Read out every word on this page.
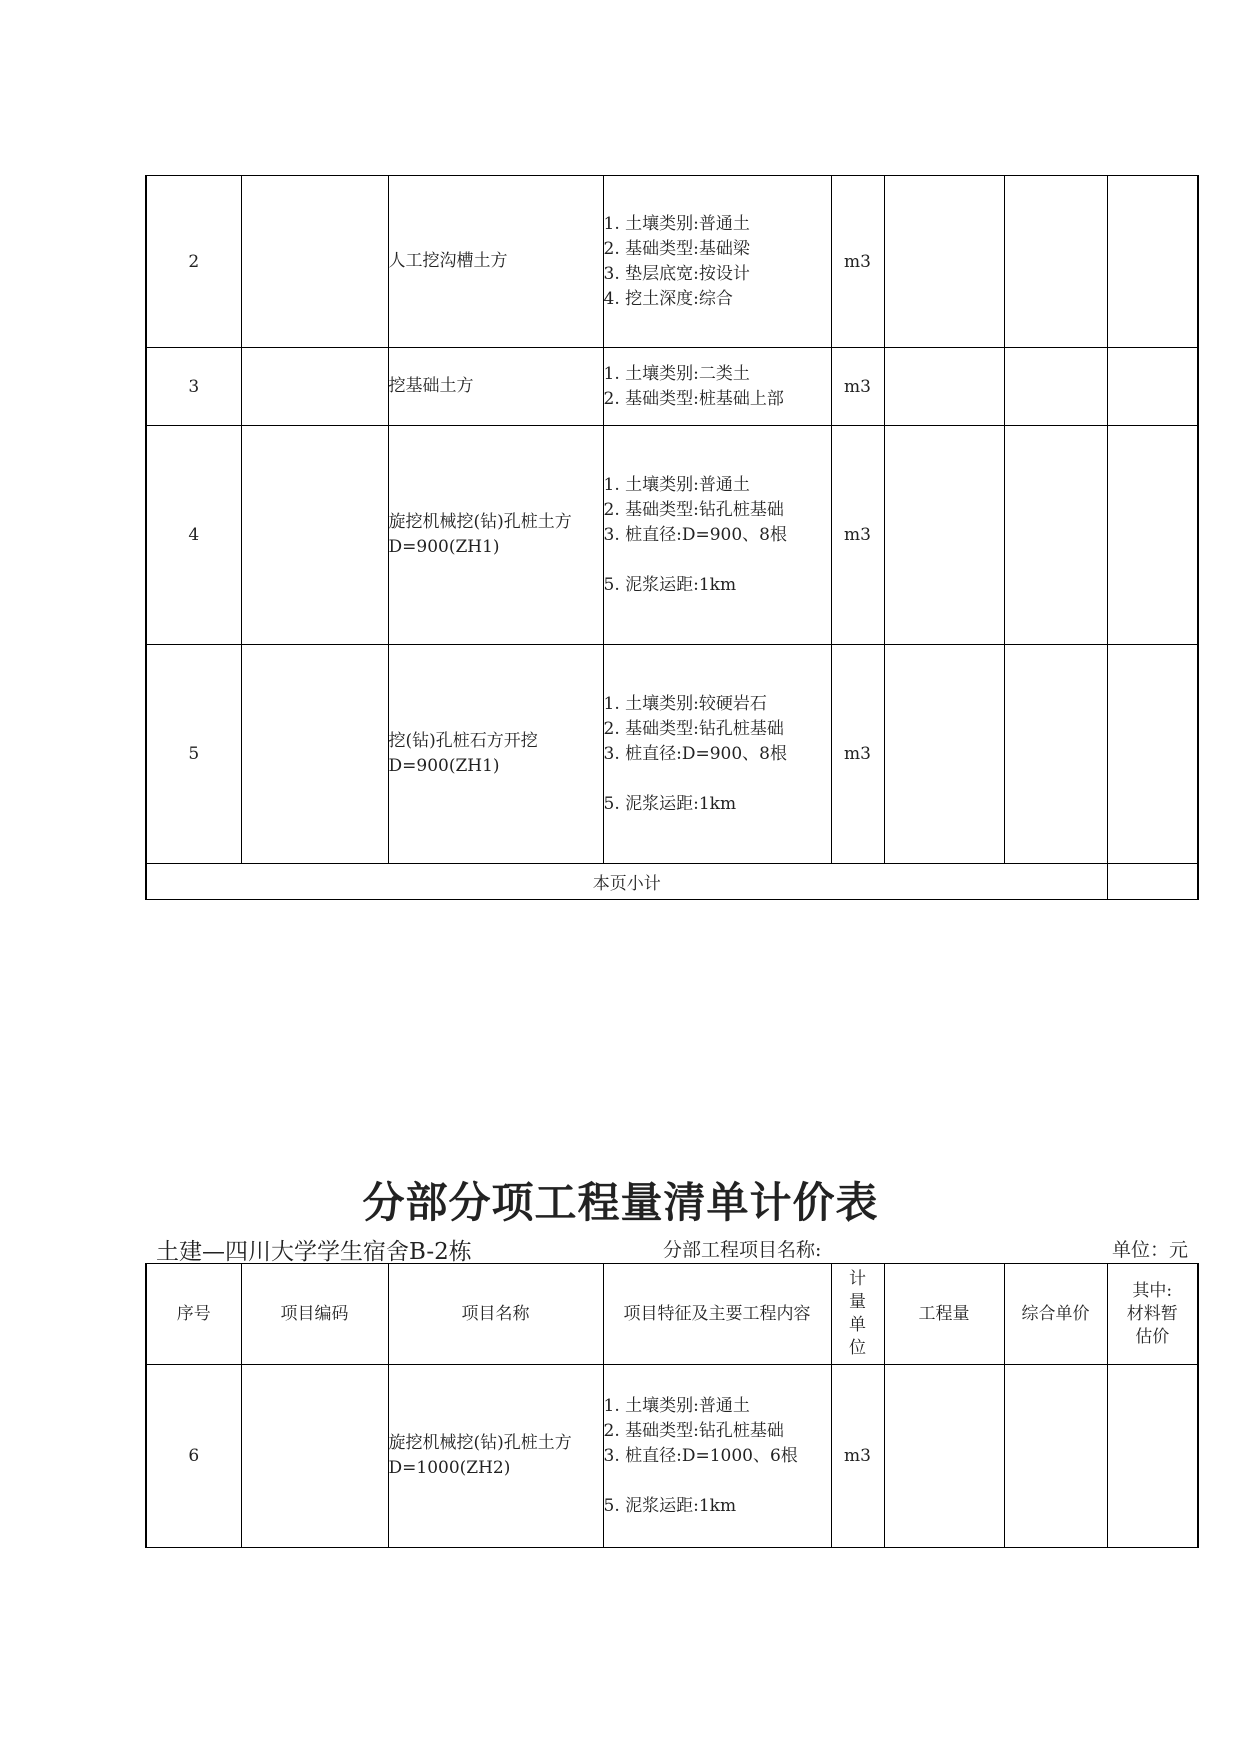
2		人工挖沟槽土方	1. 土壤类别:普通土
2. 基础类型:基础梁
3. 垫层底宽:按设计
4. 挖土深度:综合	m3			
3		挖基础土方	1. 土壤类别:二类土
2. 基础类型:桩基础上部	m3			
4		旋挖机械挖(钻)孔桩土方D=900(ZH1)	1. 土壤类别:普通土
2. 基础类型:钻孔桩基础
3. 桩直径:D=900、8根
5. 泥浆运距:1km	m3			
5		挖(钻)孔桩石方开挖D=900(ZH1)	1. 土壤类别:较硬岩石
2. 基础类型:钻孔桩基础
3. 桩直径:D=900、8根
5. 泥浆运距:1km	m3			
本页小计							
分部分项工程量清单计价表
土建—四川大学学生宿舍B-2栋	分部工程项目名称:	单位：元
序号	项目编码	项目名称	项目特征及主要工程内容	计
量
单
位	工程量	综合单价	其中:
材料暂
估价
6		旋挖机械挖(钻)孔桩土方D=1000(ZH2)	1. 土壤类别:普通土
2. 基础类型:钻孔桩基础
3. 桩直径:D=1000、6根
5. 泥浆运距:1km	m3			
